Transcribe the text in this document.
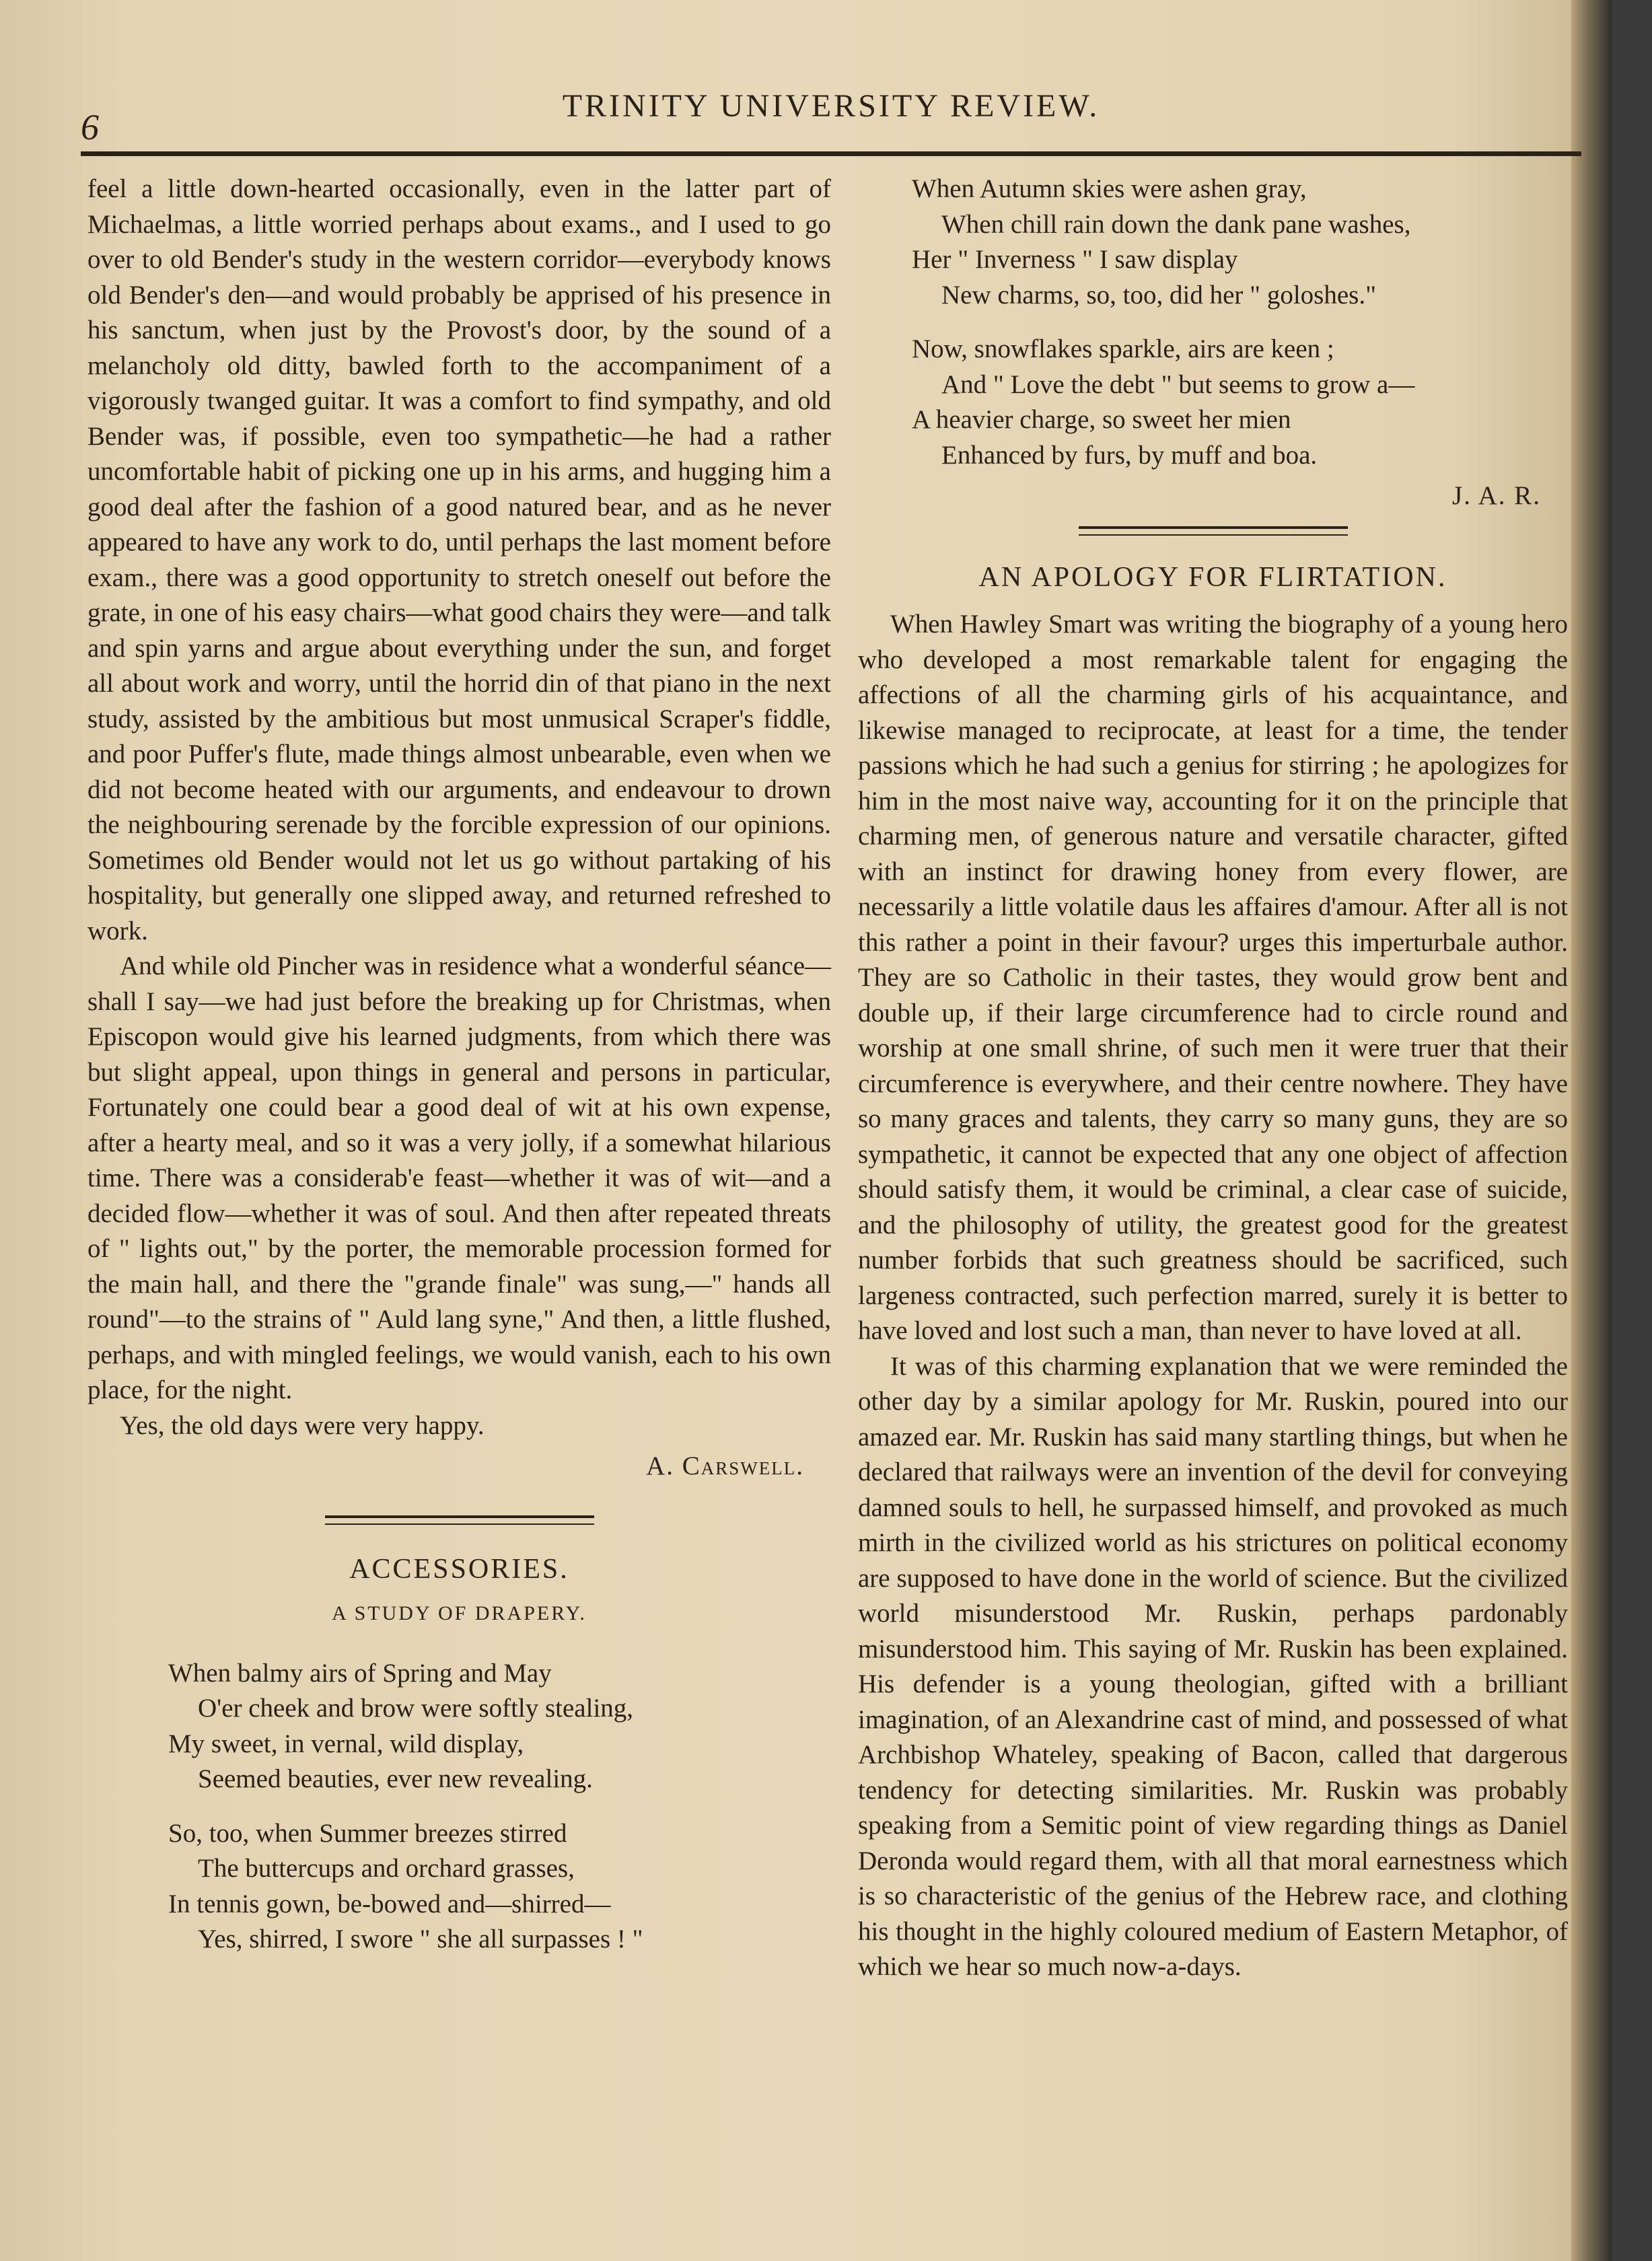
6
TRINITY UNIVERSITY REVIEW.

feel a little down-hearted occasionally, even in the latter part of Michaelmas, a little worried perhaps about exams., and I used to go over to old Bender's study in the western corridor—everybody knows old Bender's den—and would probably be apprised of his presence in his sanctum, when just by the Provost's door, by the sound of a melancholy old ditty, bawled forth to the accompaniment of a vigorously twanged guitar. It was a comfort to find sympathy, and old Bender was, if possible, even too sympathetic—he had a rather uncomfortable habit of picking one up in his arms, and hugging him a good deal after the fashion of a good natured bear, and as he never appeared to have any work to do, until perhaps the last moment before exam., there was a good opportunity to stretch oneself out before the grate, in one of his easy chairs—what good chairs they were—and talk and spin yarns and argue about everything under the sun, and forget all about work and worry, until the horrid din of that piano in the next study, assisted by the ambitious but most unmusical Scraper's fiddle, and poor Puffer's flute, made things almost unbearable, even when we did not become heated with our arguments, and endeavour to drown the neighbouring serenade by the forcible expression of our opinions. Sometimes old Bender would not let us go without partaking of his hospitality, but generally one slipped away, and returned refreshed to work.

And while old Pincher was in residence what a wonderful séance—shall I say—we had just before the breaking up for Christmas, when Episcopon would give his learned judgments, from which there was but slight appeal, upon things in general and persons in particular, Fortunately one could bear a good deal of wit at his own expense, after a hearty meal, and so it was a very jolly, if a somewhat hilarious time. There was a considerab'e feast—whether it was of wit—and a decided flow—whether it was of soul. And then after repeated threats of " lights out," by the porter, the memorable procession formed for the main hall, and there the "grande finale" was sung,—" hands all round"—to the strains of " Auld lang syne," And then, a little flushed, perhaps, and with mingled feelings, we would vanish, each to his own place, for the night.

Yes, the old days were very happy.

A. Carswell.

ACCESSORIES.

A STUDY OF DRAPERY.

When balmy airs of Spring and May
O'er cheek and brow were softly stealing,
My sweet, in vernal, wild display,
Seemed beauties, ever new revealing.

So, too, when Summer breezes stirred
The buttercups and orchard grasses,
In tennis gown, be-bowed and—shirred—
Yes, shirred, I swore " she all surpasses ! "

When Autumn skies were ashen gray,
When chill rain down the dank pane washes,
Her " Inverness " I saw display
New charms, so, too, did her " goloshes."

Now, snowflakes sparkle, airs are keen ;
And " Love the debt " but seems to grow a—
A heavier charge, so sweet her mien
Enhanced by furs, by muff and boa.

J. A. R.

AN APOLOGY FOR FLIRTATION.

When Hawley Smart was writing the biography of a young hero who developed a most remarkable talent for engaging the affections of all the charming girls of his acquaintance, and likewise managed to reciprocate, at least for a time, the tender passions which he had such a genius for stirring ; he apologizes for him in the most naive way, accounting for it on the principle that charming men, of generous nature and versatile character, gifted with an instinct for drawing honey from every flower, are necessarily a little volatile daus les affaires d'amour. After all is not this rather a point in their favour? urges this imperturbale author. They are so Catholic in their tastes, they would grow bent and double up, if their large circumference had to circle round and worship at one small shrine, of such men it were truer that their circumference is everywhere, and their centre nowhere. They have so many graces and talents, they carry so many guns, they are so sympathetic, it cannot be expected that any one object of affection should satisfy them, it would be criminal, a clear case of suicide, and the philosophy of utility, the greatest good for the greatest number forbids that such greatness should be sacrificed, such largeness contracted, such perfection marred, surely it is better to have loved and lost such a man, than never to have loved at all.

It was of this charming explanation that we were reminded the other day by a similar apology for Mr. Ruskin, poured into our amazed ear. Mr. Ruskin has said many startling things, but when he declared that railways were an invention of the devil for conveying damned souls to hell, he surpassed himself, and provoked as much mirth in the civilized world as his strictures on political economy are supposed to have done in the world of science. But the civilized world misunderstood Mr. Ruskin, perhaps pardonably misunderstood him. This saying of Mr. Ruskin has been explained. His defender is a young theologian, gifted with a brilliant imagination, of an Alexandrine cast of mind, and possessed of what Archbishop Whateley, speaking of Bacon, called that dargerous tendency for detecting similarities. Mr. Ruskin was probably speaking from a Semitic point of view regarding things as Daniel Deronda would regard them, with all that moral earnestness which is so characteristic of the genius of the Hebrew race, and clothing his thought in the highly coloured medium of Eastern Metaphor, of which we hear so much now-a-days.
